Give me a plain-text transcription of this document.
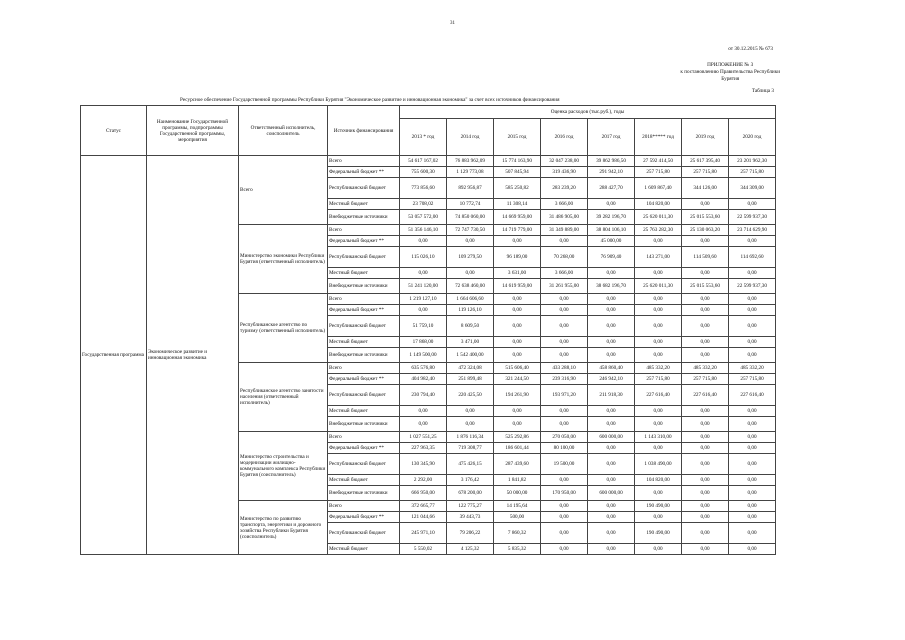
31
от 30.12.2015 № 673
ПРИЛОЖЕНИЕ № 3
к постановлению Правительства Республики
Бурятия
Таблица 3
Ресурсное обеспечение Государственной программы Республики Бурятия "Экономическое развитие и инновационная экономика" за счет всех источников финансирования
Статус	Наименование Государственной программы, подпрограммы Государственной программы, мероприятия	Ответственный исполнитель, соисполнитель	Источник финансирования	Оценка расходов (тыс.руб.), годы							
				2013 * год	2014 год	2015 год	2016 год	2017 год	2018***** год	2019 год	2020 год
Государственная программа	Экономическое развитие и инновационная экономика	Всего	Всего	54 617 167,02	76 883 962,09	15 774 163,90	32 047 238,00	39 862 986,50	27 592 414,50	25 617 395,40	23 201 962,30
			Федеральный бюджет **	755 600,30	1 129 773,08	507 845,94	319 436,90	291 942,10	257 715,80	257 715,80	257 715,80
			Республиканский бюджет	773 856,60	892 956,87	585 250,82	283 239,20	288 427,70	1 609 867,40	344 126,00	344 309,00
			Местный бюджет	23 708,02	10 772,74	11 308,14	3 666,00	0,00	104 820,00	0,00	0,00
			Внебюджетные источники	53 057 572,00	74 850 060,00	14 669 959,00	31 486 905,00	39 282 196,70	25 620 011,30	25 015 553,60	22 599 937,30
		Министерство экономики Республики Бурятия (ответственный исполнитель)	Всего	51 356 146,10	72 747 730,50	14 719 779,00	31 349 889,00	38 804 106,10	25 763 282,30	25 130 063,20	23 714 629,90
			Федеральный бюджет **	0,00	0,00	0,00	0,00	45 000,00	0,00	0,00	0,00
			Республиканский бюджет	115 026,10	109 279,50	96 189,00	70 268,00	76 909,40	143 271,00	114 509,60	114 692,60
			Местный бюджет	0,00	0,00	3 631,00	3 666,00	0,00	0,00	0,00	0,00
			Внебюджетные источники	51 241 120,00	72 638 460,00	14 619 959,00	31 261 955,00	38 682 196,70	25 620 011,30	25 015 553,60	22 599 937,30
		Республиканское агентство по туризму (ответственный исполнитель)	Всего	1 219 127,10	1 664 606,60	0,00	0,00	0,00	0,00	0,00	0,00
			Федеральный бюджет **	0,00	119 126,10	0,00	0,00	0,00	0,00	0,00	0,00
			Республиканский бюджет	51 759,10	8 609,50	0,00	0,00	0,00	0,00	0,00	0,00
			Местный бюджет	17 868,00	3 471,00	0,00	0,00	0,00	0,00	0,00	0,00
			Внебюджетные источники	1 149 500,00	1 542 400,00	0,00	0,00	0,00	0,00	0,00	0,00
		Республиканское агентство занятости населения (ответственный исполнитель)	Всего	635 576,80	472 324,08	515 606,40	433 288,10	458 860,40	485 332,20	485 332,20	485 332,20
			Федеральный бюджет **	404 982,40	251 899,48	321 244,50	239 316,90	246 942,10	257 715,80	257 715,80	257 715,80
			Республиканский бюджет	230 794,40	220 425,50	194 261,90	193 971,20	211 918,30	227 616,40	227 616,40	227 616,40
			Местный бюджет	0,00	0,00	0,00	0,00	0,00	0,00	0,00	0,00
			Внебюджетные источники	0,00	0,00	0,00	0,00	0,00	0,00	0,00	0,00
		Министерство строительства и модернизации жилищно-коммунального комплекса Республики Бурятия (соисполнитель)	Всего	1 027 551,25	1 876 116,34	525 292,86	270 050,00	600 000,00	1 143 310,00	0,00	0,00
			Федеральный бюджет **	227 963,35	719 308,77	186 601,44	80 100,00	0,00	0,00	0,00	0,00
			Республиканский бюджет	130 345,90	475 426,15	287 439,60	19 500,00	0,00	1 038 490,00	0,00	0,00
			Местный бюджет	2 292,00	3 176,42	1 841,82	0,00	0,00	104 820,00	0,00	0,00
			Внебюджетные источники	666 950,00	678 200,00	50 000,00	170 950,00	600 000,00	0,00	0,00	0,00
		Министерство по развитию транспорта, энергетики и дорожного хозяйства Республики Бурятия (соисполнитель)	Всего	372 665,77	122 775,27	14 195,64	0,00	0,00	190 490,00	0,00	0,00
			Федеральный бюджет **	121 044,66	39 443,73	500,00	0,00	0,00	0,00	0,00	0,00
			Республиканский бюджет	245 971,10	79 206,22	7 860,32	0,00	0,00	190 490,00	0,00	0,00
			Местный бюджет	5 550,02	4 125,32	5 835,32	0,00	0,00	0,00	0,00	0,00
